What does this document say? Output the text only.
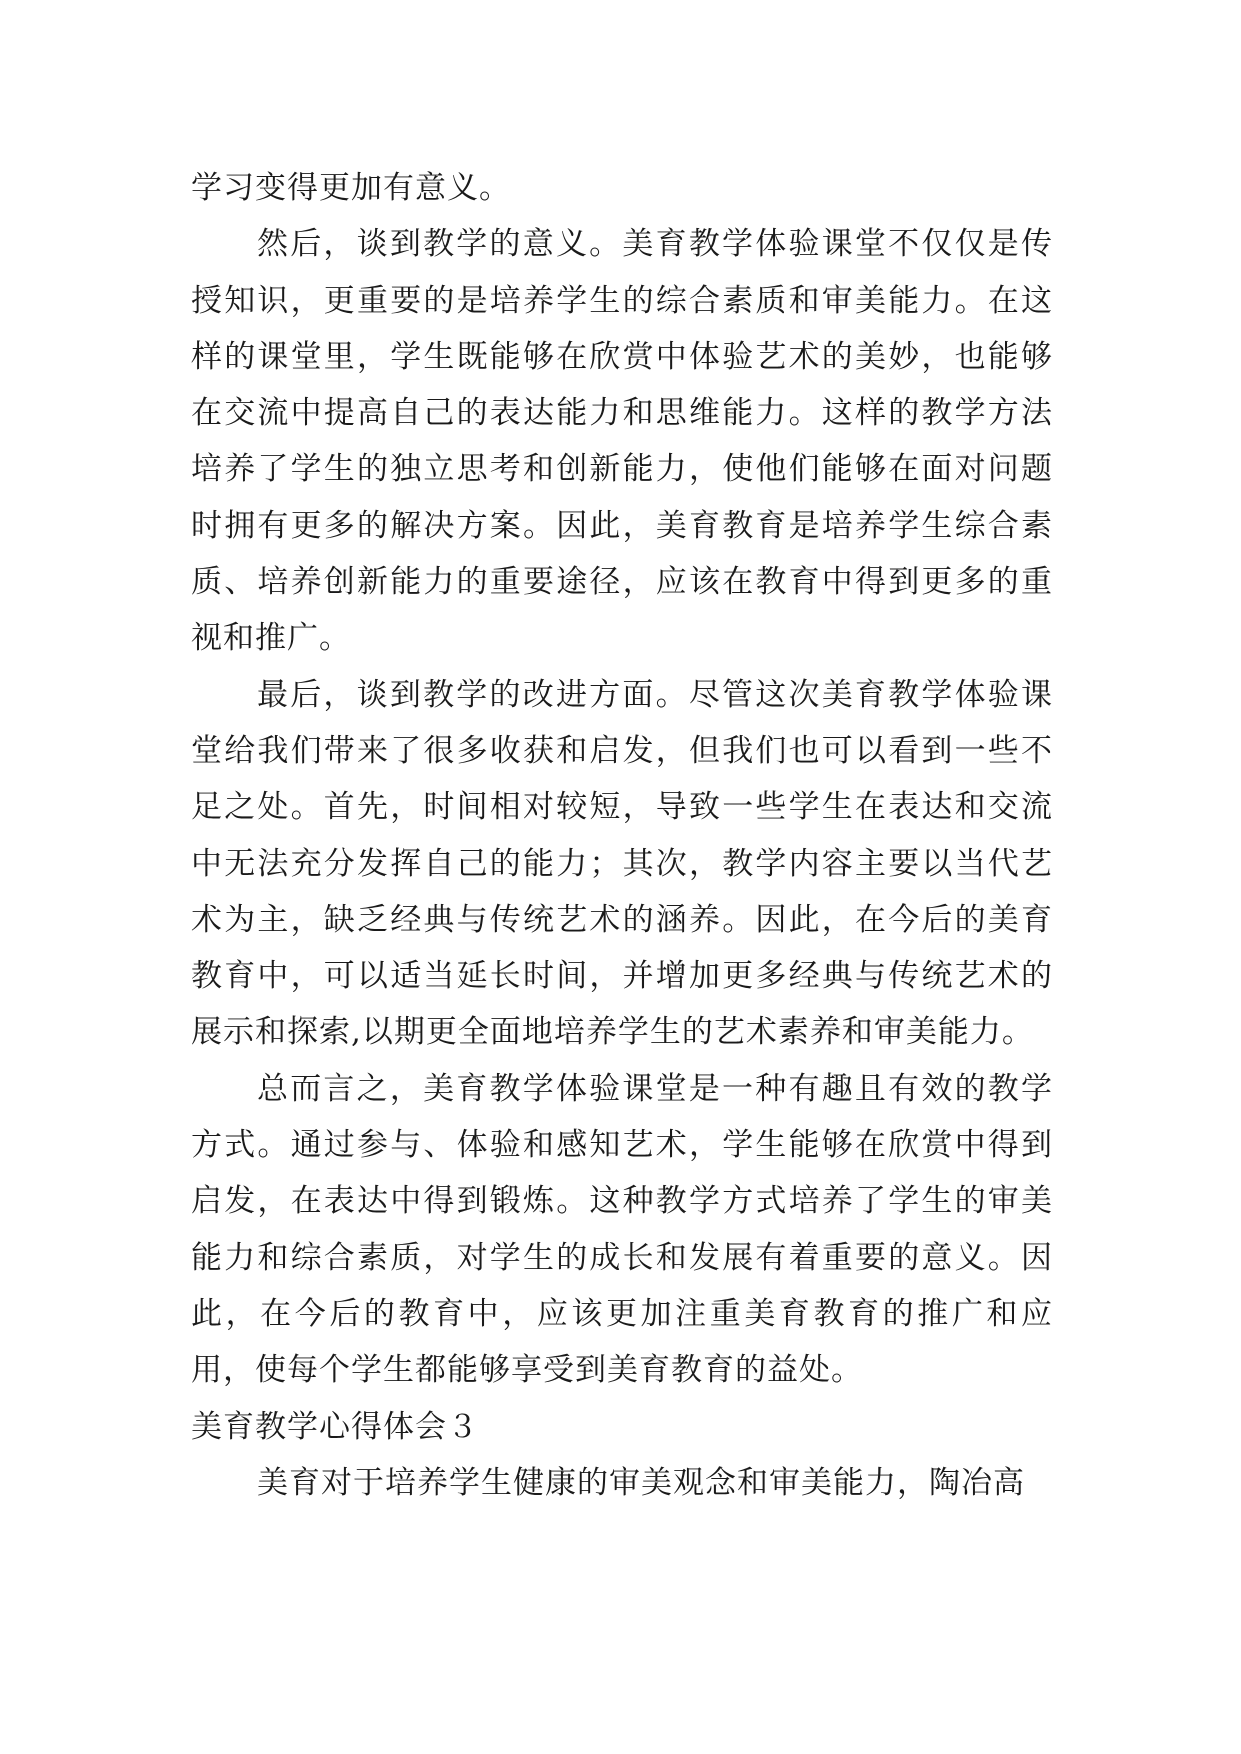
学习变得更加有意义。

然后，谈到教学的意义。美育教学体验课堂不仅仅是传授知识，更重要的是培养学生的综合素质和审美能力。在这样的课堂里，学生既能够在欣赏中体验艺术的美妙，也能够在交流中提高自己的表达能力和思维能力。这样的教学方法培养了学生的独立思考和创新能力，使他们能够在面对问题时拥有更多的解决方案。因此，美育教育是培养学生综合素质、培养创新能力的重要途径，应该在教育中得到更多的重视和推广。

最后，谈到教学的改进方面。尽管这次美育教学体验课堂给我们带来了很多收获和启发，但我们也可以看到一些不足之处。首先，时间相对较短，导致一些学生在表达和交流中无法充分发挥自己的能力；其次，教学内容主要以当代艺术为主，缺乏经典与传统艺术的涵养。因此，在今后的美育教育中，可以适当延长时间，并增加更多经典与传统艺术的展示和探索,以期更全面地培养学生的艺术素养和审美能力。

总而言之，美育教学体验课堂是一种有趣且有效的教学方式。通过参与、体验和感知艺术，学生能够在欣赏中得到启发，在表达中得到锻炼。这种教学方式培养了学生的审美能力和综合素质，对学生的成长和发展有着重要的意义。因此，在今后的教育中，应该更加注重美育教育的推广和应用，使每个学生都能够享受到美育教育的益处。

美育教学心得体会３

美育对于培养学生健康的审美观念和审美能力，陶冶高
